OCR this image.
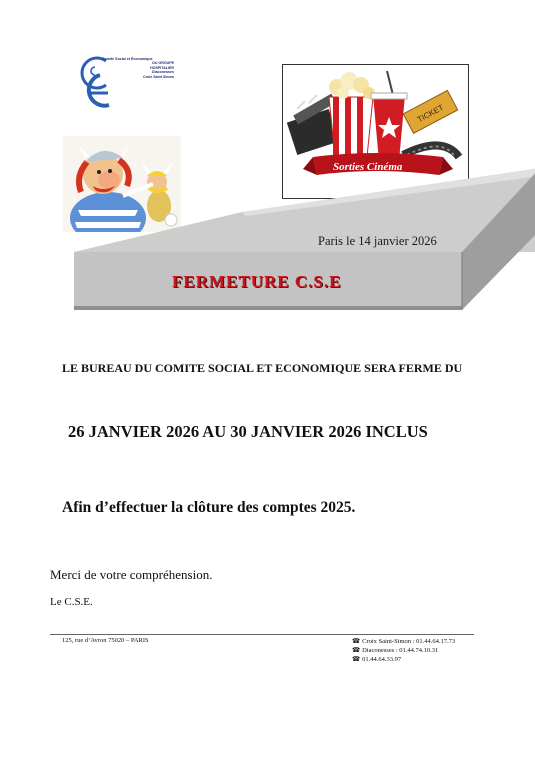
Comité Social et Économique
DU GROUPE
HOSPITALIER
Diaconesses
Croix Saint Simon
TICKET
Sorties Cinéma
Paris le 14 janvier 2026
FERMETURE C.S.E
LE BUREAU DU COMITE SOCIAL ET ECONOMIQUE SERA FERME DU
26 JANVIER 2026 AU 30 JANVIER 2026 INCLUS
Afin d’effectuer la clôture des comptes 2025.
Merci de votre compréhension.
Le C.S.E.
125, rue d’Avron 75020 – PARIS	☎ Croix Saint-Simon : 01.44.64.17.73
☎ Diaconesses : 01.44.74.10.31
☎ 01.44.64.33.97
